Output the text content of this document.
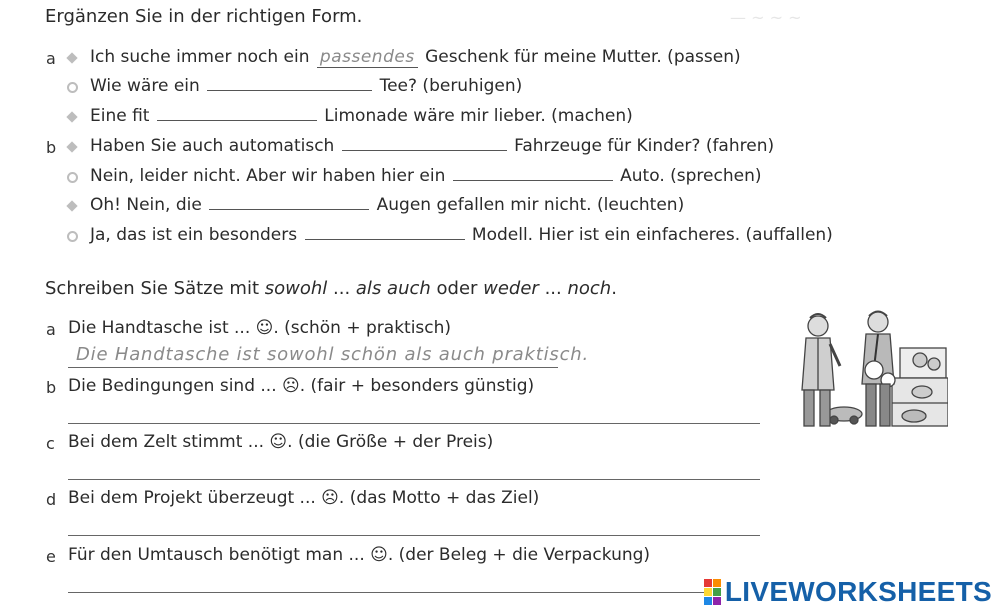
Ergänzen Sie in der richtigen Form.
a Ich suche immer noch ein passendes Geschenk für meine Mutter. (passen)
Wie wäre ein	Tee? (beruhigen)
Eine fit	Limonade wäre mir lieber. (machen)
b Haben Sie auch automatisch	Fahrzeuge für Kinder? (fahren)
Nein, leider nicht. Aber wir haben hier ein	Auto. (sprechen)
Oh! Nein, die	Augen gefallen mir nicht. (leuchten)
Ja, das ist ein besonders	Modell. Hier ist ein einfacheres. (auffallen)
Schreiben Sie Sätze mit sowohl ... als auch oder weder ... noch.
a Die Handtasche ist ... ☺. (schön + praktisch)
Die Handtasche ist sowohl schön als auch praktisch.
b Die Bedingungen sind ... ☹. (fair + besonders günstig)
c Bei dem Zelt stimmt ... ☺. (die Größe + der Preis)
d Bei dem Projekt überzeugt ... ☹. (das Motto + das Ziel)
e Für den Umtausch benötigt man ... ☺. (der Beleg + die Verpackung)
— ~ ~ ~
LIVEWORKSHEETS
